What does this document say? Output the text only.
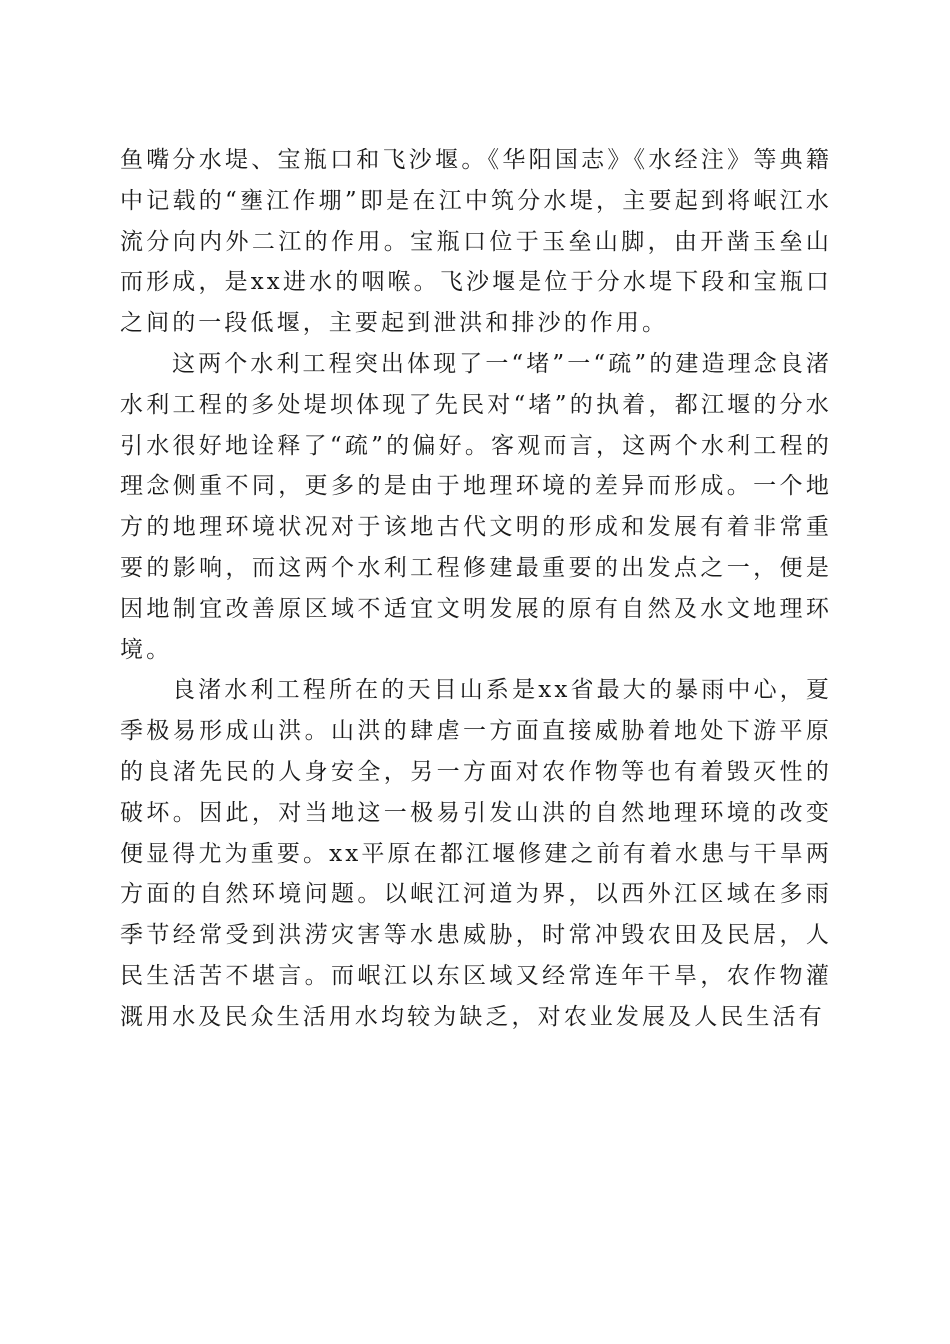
鱼嘴分水堤、宝瓶口和飞沙堰。《华阳国志》《水经注》等典籍中记载的“壅江作堋”即是在江中筑分水堤，主要起到将岷江水流分向内外二江的作用。宝瓶口位于玉垒山脚，由开凿玉垒山而形成，是xx进水的咽喉。飞沙堰是位于分水堤下段和宝瓶口之间的一段低堰，主要起到泄洪和排沙的作用。

这两个水利工程突出体现了一“堵”一“疏”的建造理念良渚水利工程的多处堤坝体现了先民对“堵”的执着，都江堰的分水引水很好地诠释了“疏”的偏好。客观而言，这两个水利工程的理念侧重不同，更多的是由于地理环境的差异而形成。一个地方的地理环境状况对于该地古代文明的形成和发展有着非常重要的影响，而这两个水利工程修建最重要的出发点之一，便是因地制宜改善原区域不适宜文明发展的原有自然及水文地理环境。

良渚水利工程所在的天目山系是xx省最大的暴雨中心，夏季极易形成山洪。山洪的肆虐一方面直接威胁着地处下游平原的良渚先民的人身安全，另一方面对农作物等也有着毁灭性的破坏。因此，对当地这一极易引发山洪的自然地理环境的改变便显得尤为重要。xx平原在都江堰修建之前有着水患与干旱两方面的自然环境问题。以岷江河道为界，以西外江区域在多雨季节经常受到洪涝灾害等水患威胁，时常冲毁农田及民居，人民生活苦不堪言。而岷江以东区域又经常连年干旱，农作物灌溉用水及民众生活用水均较为缺乏，对农业发展及人民生活有
